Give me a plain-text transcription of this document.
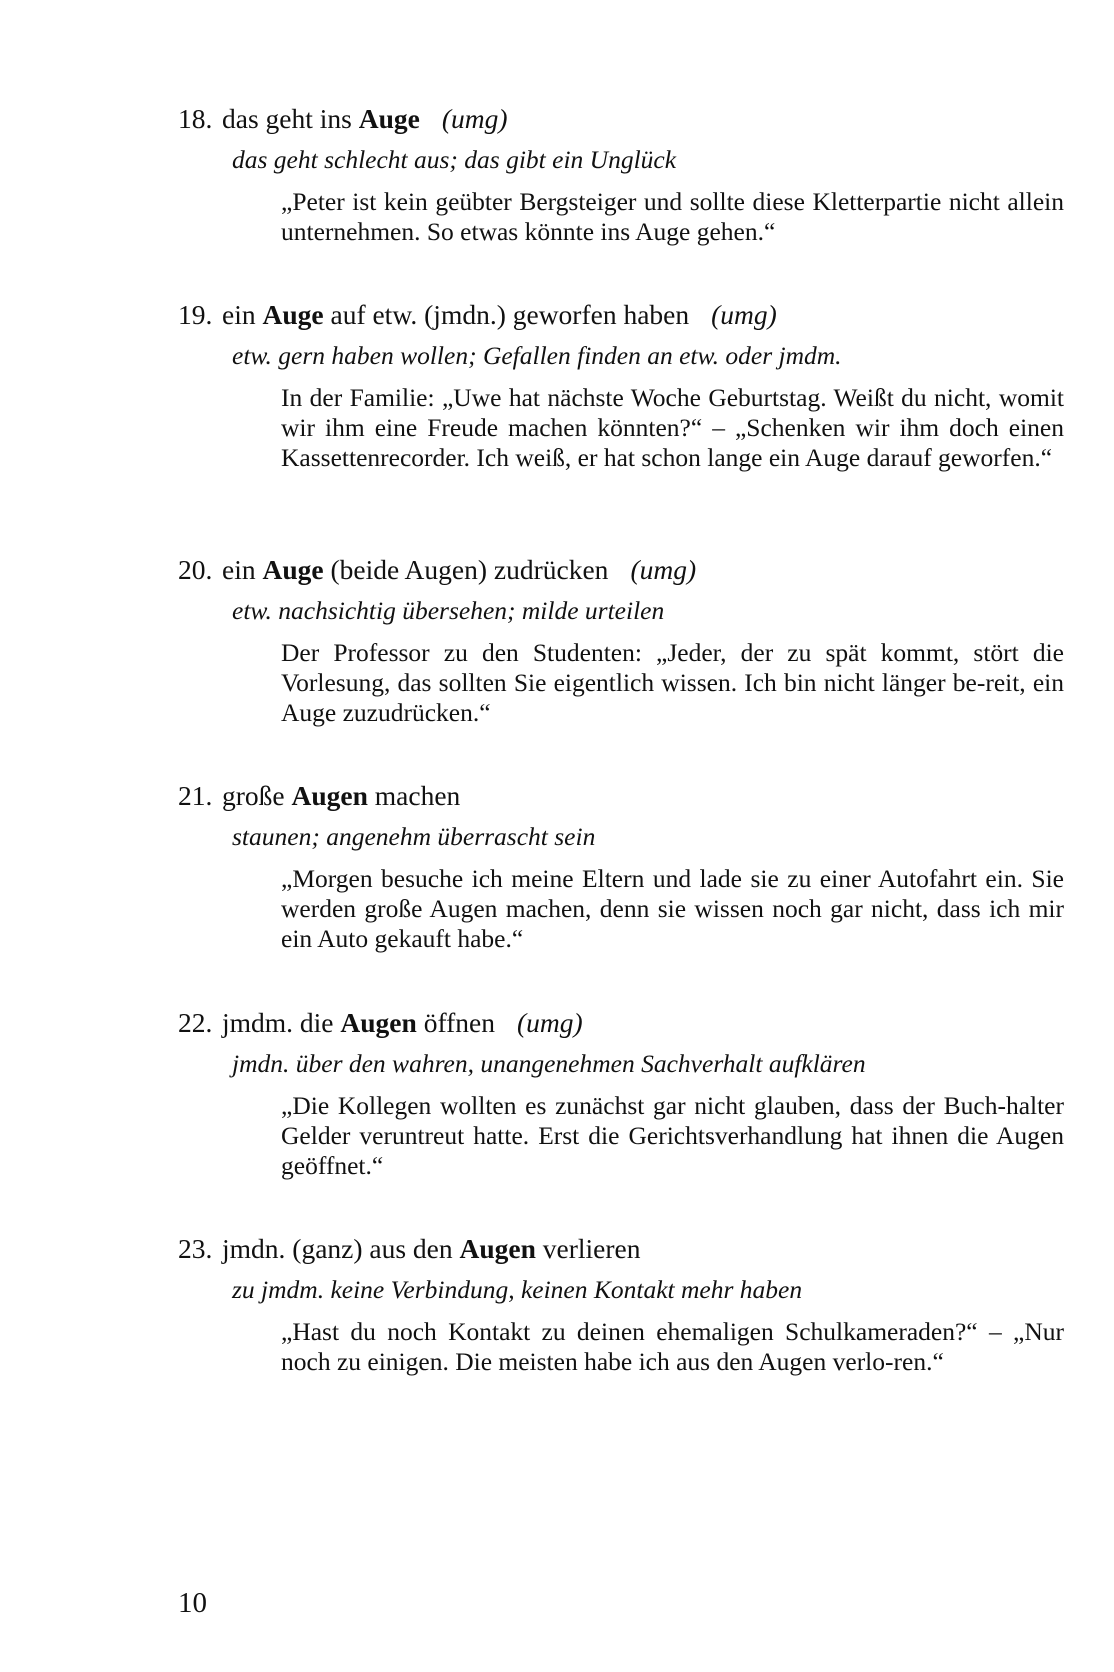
18. das geht ins Auge (umg)
das geht schlecht aus; das gibt ein Unglück
„Peter ist kein geübter Bergsteiger und sollte diese Kletterpartie nicht allein unternehmen. So etwas könnte ins Auge gehen.“
19. ein Auge auf etw. (jmdn.) geworfen haben (umg)
etw. gern haben wollen; Gefallen finden an etw. oder jmdm.
In der Familie: „Uwe hat nächste Woche Geburtstag. Weißt du nicht, womit wir ihm eine Freude machen könnten?“ – „Schenken wir ihm doch einen Kassettenrecorder. Ich weiß, er hat schon lange ein Auge darauf geworfen.“
20. ein Auge (beide Augen) zudrücken (umg)
etw. nachsichtig übersehen; milde urteilen
Der Professor zu den Studenten: „Jeder, der zu spät kommt, stört die Vorlesung, das sollten Sie eigentlich wissen. Ich bin nicht länger be-reit, ein Auge zuzudrücken.“
21. große Augen machen
staunen; angenehm überrascht sein
„Morgen besuche ich meine Eltern und lade sie zu einer Autofahrt ein. Sie werden große Augen machen, denn sie wissen noch gar nicht, dass ich mir ein Auto gekauft habe.“
22. jmdm. die Augen öffnen (umg)
jmdn. über den wahren, unangenehmen Sachverhalt aufklären
„Die Kollegen wollten es zunächst gar nicht glauben, dass der Buch-halter Gelder veruntreut hatte. Erst die Gerichtsverhandlung hat ihnen die Augen geöffnet.“
23. jmdn. (ganz) aus den Augen verlieren
zu jmdm. keine Verbindung, keinen Kontakt mehr haben
„Hast du noch Kontakt zu deinen ehemaligen Schulkameraden?“ – „Nur noch zu einigen. Die meisten habe ich aus den Augen verlo-ren.“
10
